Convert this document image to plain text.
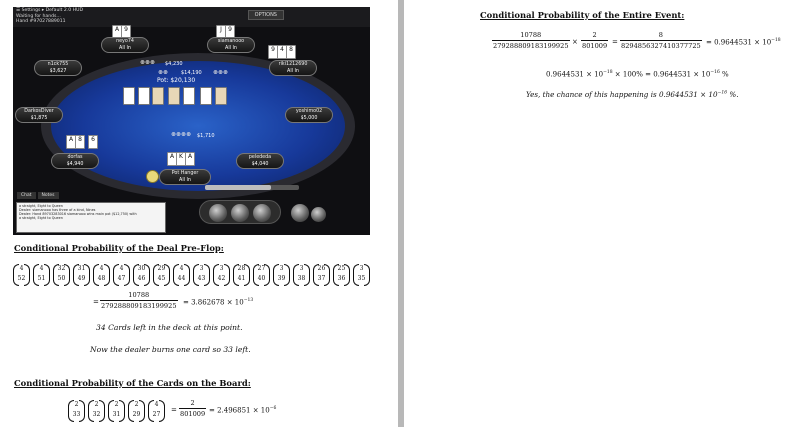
☰ Settings ▸ Default 2.0 HUD
Waiting for hands...
Hand #97027889011
OPTIONS
A 9	J	9
9 4 8
A 8	6
A K A
neyo74
All In
siamanooo
All In
n1ck755
$3,627
riki1212690
All In
DarkosDiver
$1,875
yoshimo02
$5,000
dorfas
$4,940
pelededa
$4,040
Pot Hanger
All In
⊛⊛⊛ $4,230
⊛⊛	$14,190 ⊛⊛⊛
Pot: $20,130
⊛⊛⊛⊛ $1,710
Chat Notes
a straight, Eight to Queen
Dealer: siamanooo has three of a kind, Nines
Dealer: Hand 89703283016 siamanooo wins main pot ($12,750) with
a straight, Eight to Queen
Conditional Probability of the Deal Pre-Flop:
4
52
4
51
32
50
31
49
4
48
4
47
30
46
29
45
4
44
3
43
3
42
28
41
27
40
3
39
3
38
26
37
25
36
3
35
= $\frac{10788}{279288809183199925} = 3.862678 \times 10^{-13}$
34 Cards left in the deck at this point.
Now the dealer burns one card so 33 left.
Conditional Probability of the Cards on the Board:
2
33
2
32
2
31
2
29
4
27
= $\frac{2}{801009} = 2.496851 \times 10^{-6}$
Conditional Probability of the Entire Event:
$\frac{10788}{279288809183199925} \times \frac{2}{801009} = \frac{8}{8294856327410377725} = 0.9644531 \times 10^{-18}$
$0.9644531 \times 10^{-18} \times 100\% = 0.9644531 \times 10^{-16}$ %
Yes, the chance of this happening is $0.9644531 \times 10^{-16}$ %.
